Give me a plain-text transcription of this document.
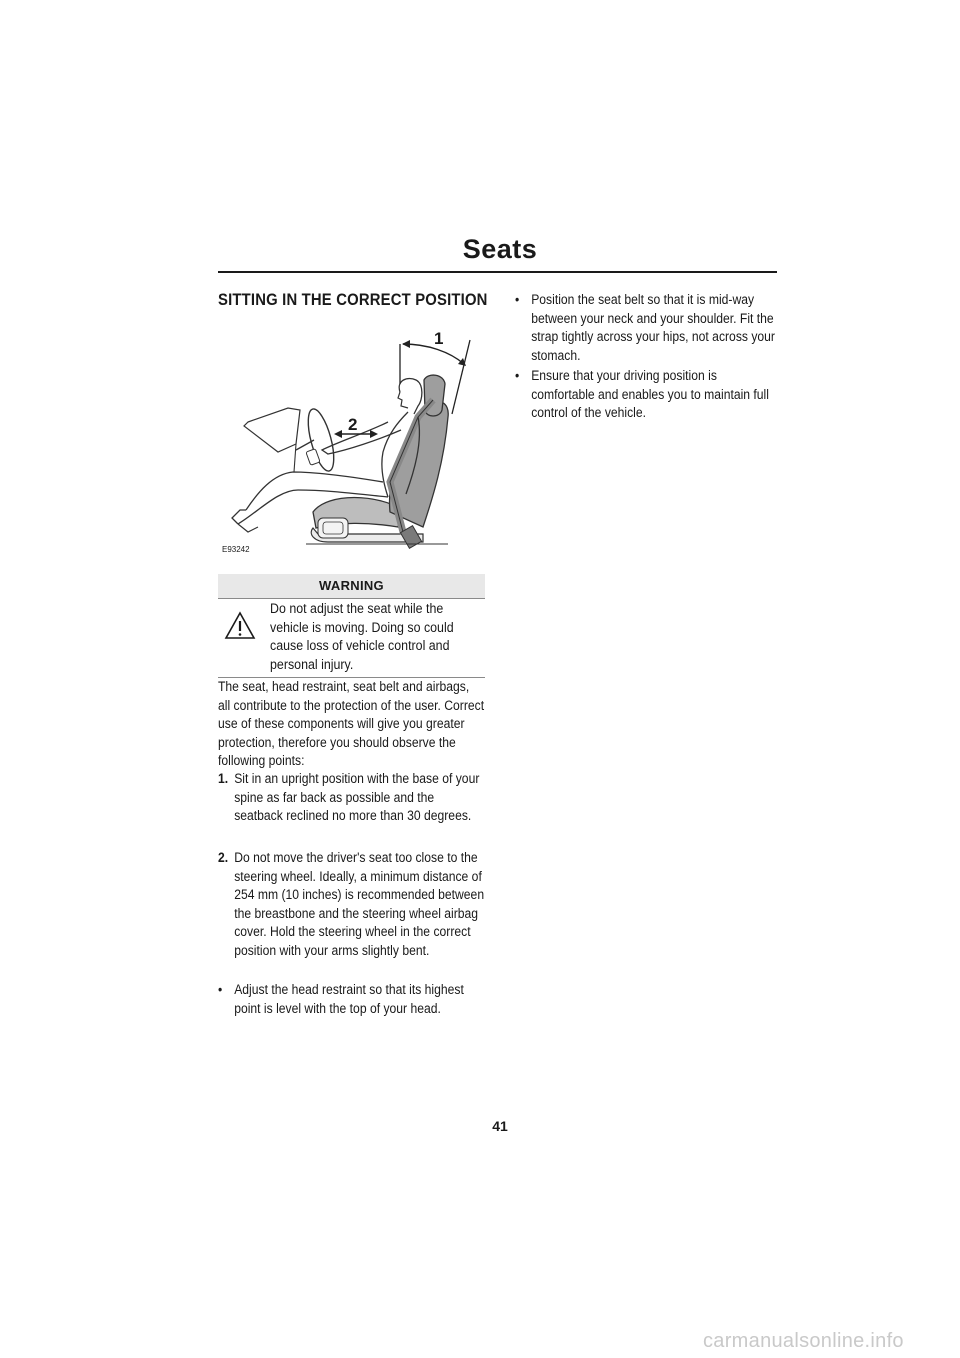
Seats
SITTING IN THE CORRECT POSITION
1
2
E93242
WARNING
Do not adjust the seat while the vehicle is moving. Doing so could cause loss of vehicle control and personal injury.
The seat, head restraint, seat belt and airbags, all contribute to the protection of the user. Correct use of these components will give you greater protection, therefore you should observe the following points:
1. Sit in an upright position with the base of your spine as far back as possible and the seatback reclined no more than 30 degrees.
2. Do not move the driver's seat too close to the steering wheel. Ideally, a minimum distance of 254 mm (10 inches) is recommended between the breastbone and the steering wheel airbag cover. Hold the steering wheel in the correct position with your arms slightly bent.
• Adjust the head restraint so that its highest point is level with the top of your head.
• Position the seat belt so that it is mid-way between your neck and your shoulder. Fit the strap tightly across your hips, not across your stomach.
• Ensure that your driving position is comfortable and enables you to maintain full control of the vehicle.
41
carmanualsonline.info
